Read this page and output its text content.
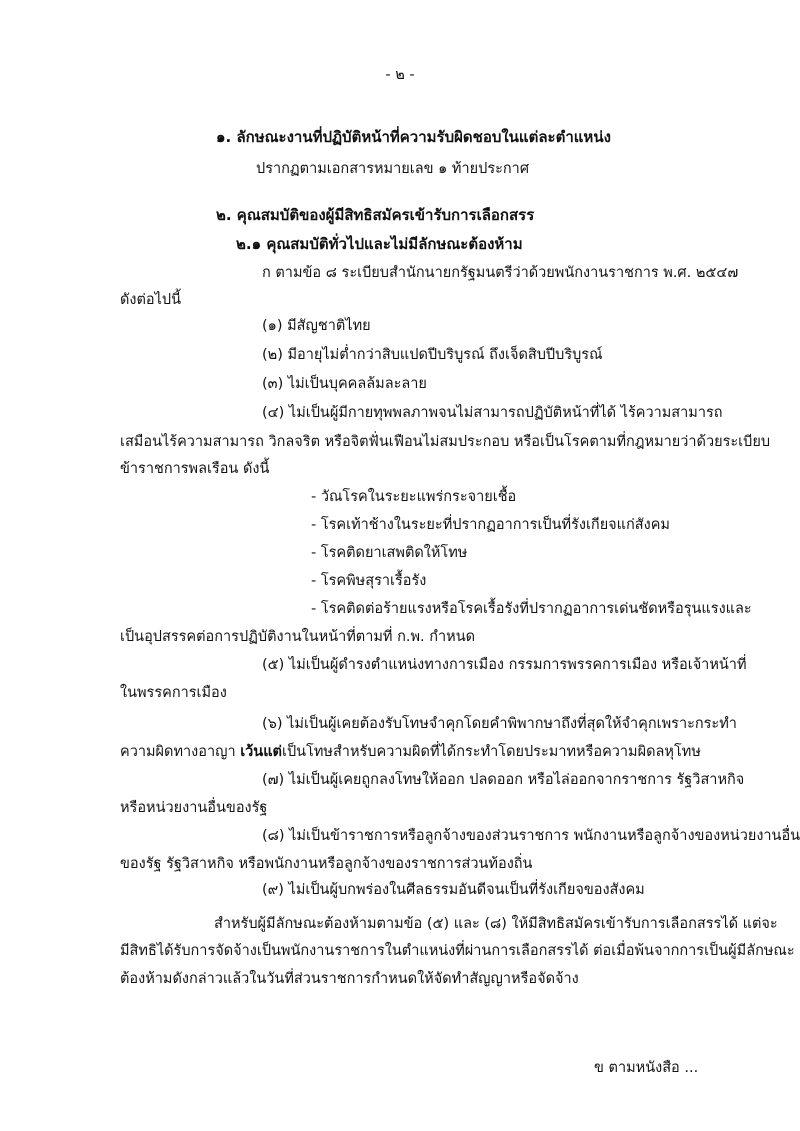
- ๒ -
๑. ลักษณะงานที่ปฏิบัติหน้าที่ความรับผิดชอบในแต่ละตำแหน่ง
ปรากฏตามเอกสารหมายเลข ๑ ท้ายประกาศ
๒. คุณสมบัติของผู้มีสิทธิสมัครเข้ารับการเลือกสรร
๒.๑ คุณสมบัติทั่วไปและไม่มีลักษณะต้องห้าม
ก ตามข้อ ๘ ระเบียบสำนักนายกรัฐมนตรีว่าด้วยพนักงานราชการ พ.ศ. ๒๕๔๗
ดังต่อไปนี้
(๑) มีสัญชาติไทย
(๒) มีอายุไม่ต่ำกว่าสิบแปดปีบริบูรณ์ ถึงเจ็ดสิบปีบริบูรณ์
(๓) ไม่เป็นบุคคลล้มละลาย
(๔) ไม่เป็นผู้มีกายทุพพลภาพจนไม่สามารถปฏิบัติหน้าที่ได้ ไร้ความสามารถ
เสมือนไร้ความสามารถ วิกลจริต หรือจิตฟั่นเฟือนไม่สมประกอบ หรือเป็นโรคตามที่กฎหมายว่าด้วยระเบียบ
ข้าราชการพลเรือน ดังนี้
- วัณโรคในระยะแพร่กระจายเชื้อ
- โรคเท้าช้างในระยะที่ปรากฏอาการเป็นที่รังเกียจแก่สังคม
- โรคติดยาเสพติดให้โทษ
- โรคพิษสุราเรื้อรัง
- โรคติดต่อร้ายแรงหรือโรคเรื้อรังที่ปรากฏอาการเด่นชัดหรือรุนแรงและ
เป็นอุปสรรคต่อการปฏิบัติงานในหน้าที่ตามที่ ก.พ. กำหนด
(๕) ไม่เป็นผู้ดำรงตำแหน่งทางการเมือง กรรมการพรรคการเมือง หรือเจ้าหน้าที่
ในพรรคการเมือง
(๖) ไม่เป็นผู้เคยต้องรับโทษจำคุกโดยคำพิพากษาถึงที่สุดให้จำคุกเพราะกระทำ
ความผิดทางอาญา เว้นแต่เป็นโทษสำหรับความผิดที่ได้กระทำโดยประมาทหรือความผิดลหุโทษ
(๗) ไม่เป็นผู้เคยถูกลงโทษให้ออก ปลดออก หรือไล่ออกจากราชการ รัฐวิสาหกิจ
หรือหน่วยงานอื่นของรัฐ
(๘) ไม่เป็นข้าราชการหรือลูกจ้างของส่วนราชการ พนักงานหรือลูกจ้างของหน่วยงานอื่น
ของรัฐ รัฐวิสาหกิจ หรือพนักงานหรือลูกจ้างของราชการส่วนท้องถิ่น
(๙) ไม่เป็นผู้บกพร่องในศีลธรรมอันดีจนเป็นที่รังเกียจของสังคม
สำหรับผู้มีลักษณะต้องห้ามตามข้อ (๕) และ (๘) ให้มีสิทธิสมัครเข้ารับการเลือกสรรได้ แต่จะ
มีสิทธิได้รับการจัดจ้างเป็นพนักงานราชการในตำแหน่งที่ผ่านการเลือกสรรได้ ต่อเมื่อพ้นจากการเป็นผู้มีลักษณะ
ต้องห้ามดังกล่าวแล้วในวันที่ส่วนราชการกำหนดให้จัดทำสัญญาหรือจัดจ้าง
ข ตามหนังสือ ...
